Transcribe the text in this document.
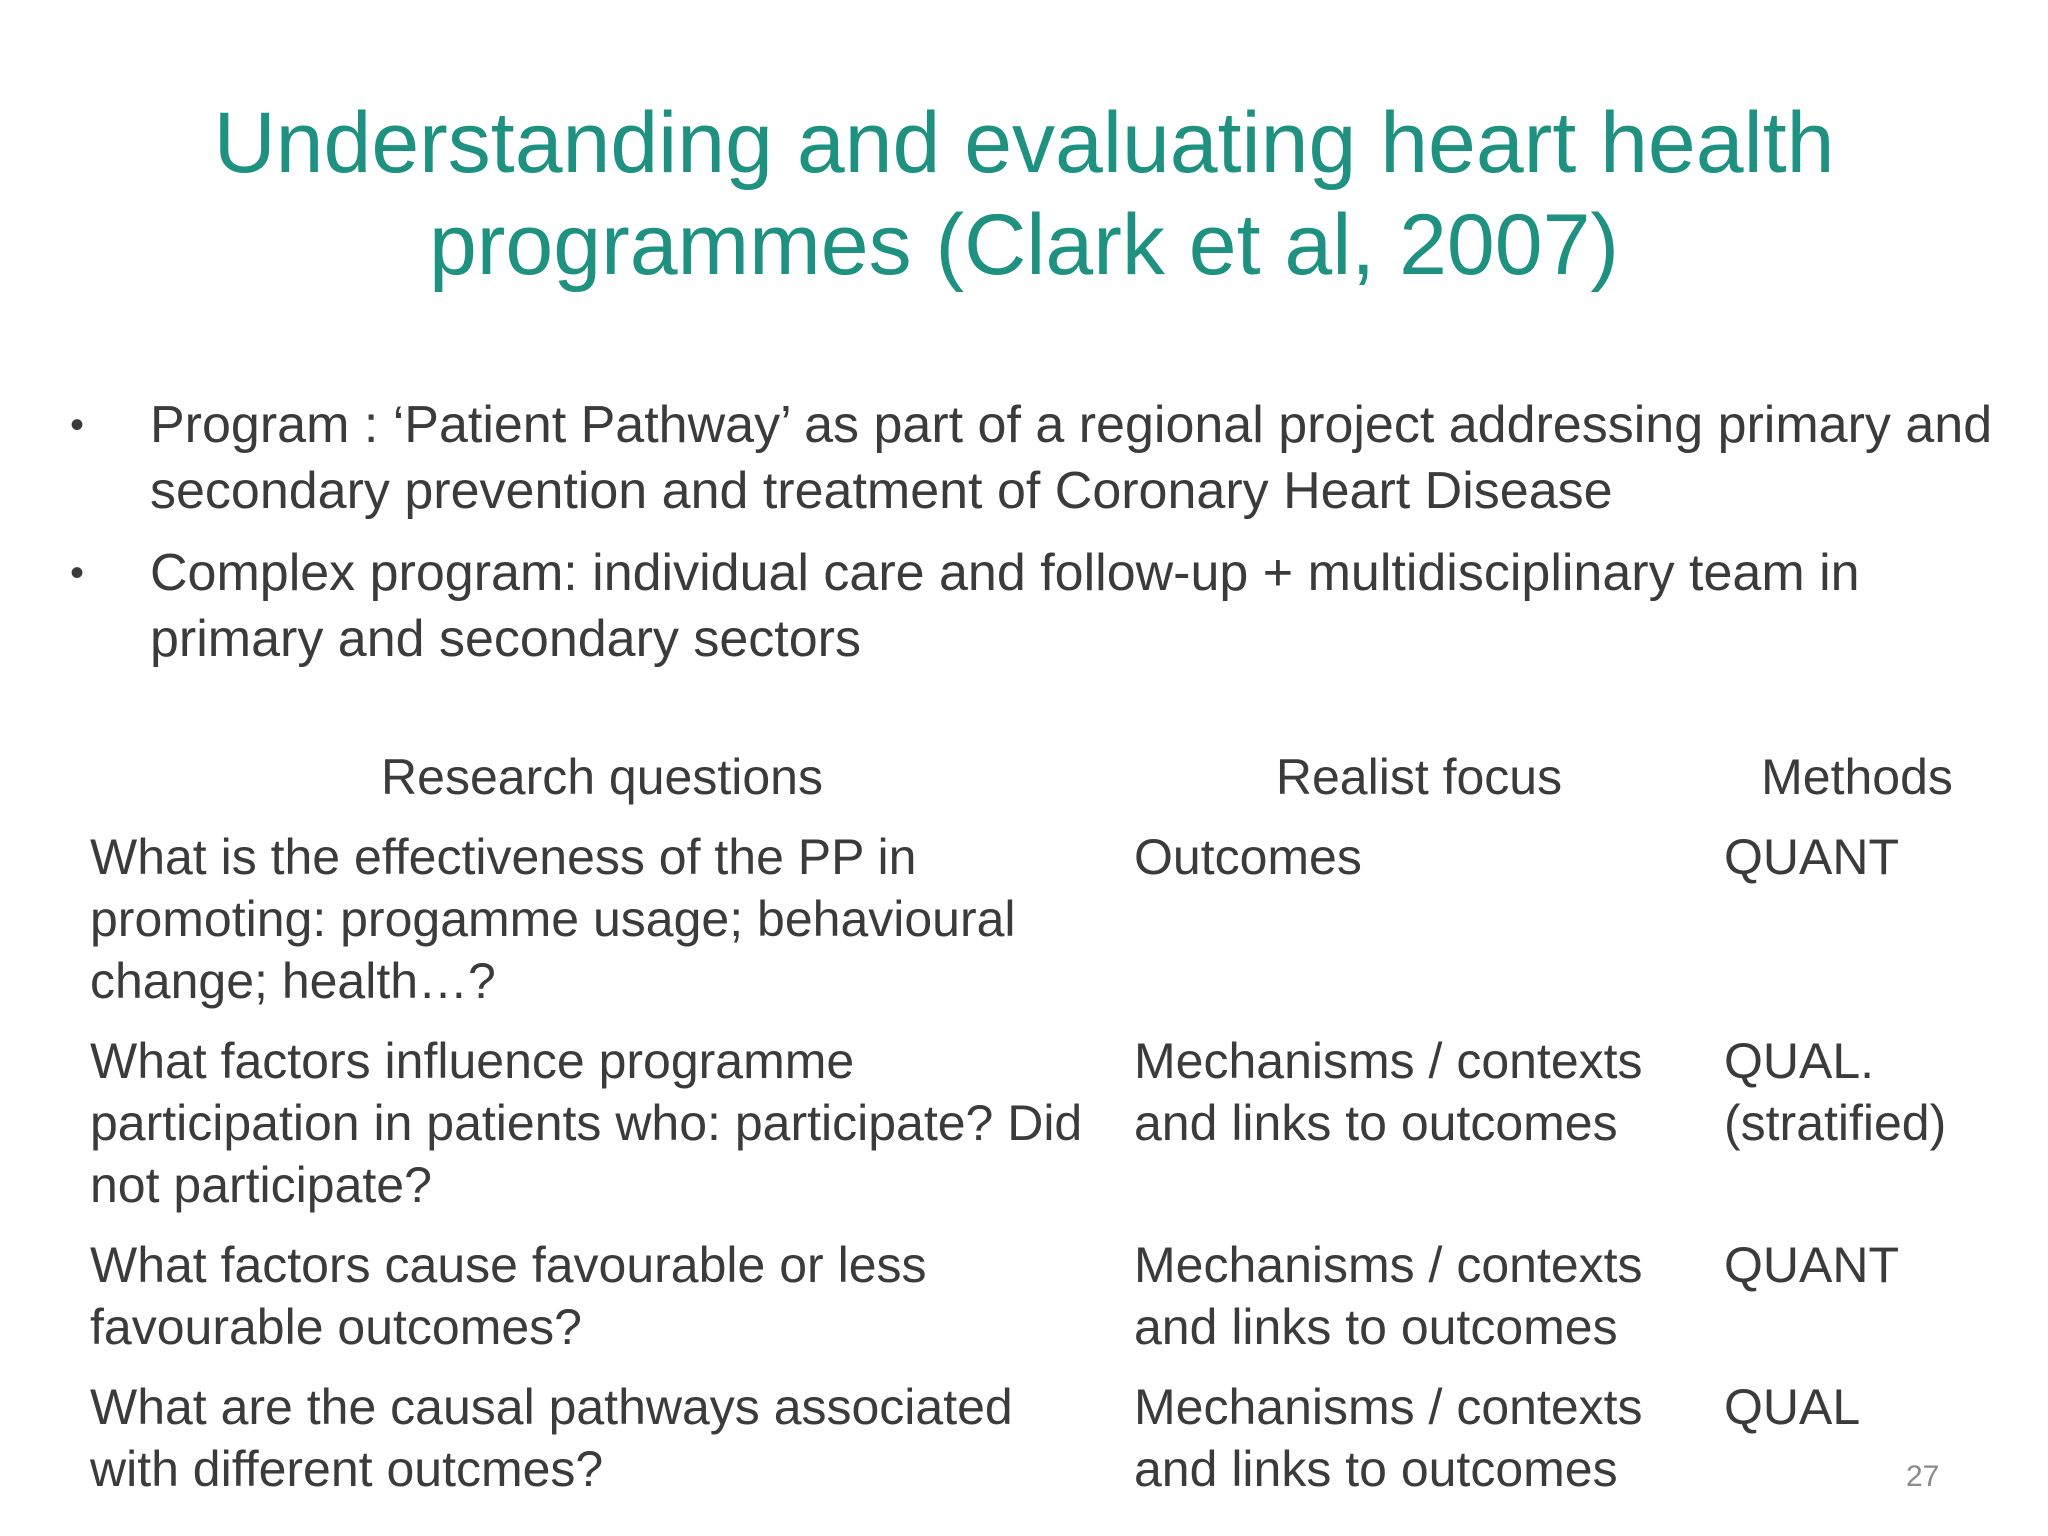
Understanding and evaluating heart health
programmes (Clark et al, 2007)
•	Program : ‘Patient Pathway’ as part of a regional project addressing primary and secondary prevention and treatment of Coronary Heart Disease
•	Complex program: individual care and follow-up + multidisciplinary team in primary and secondary sectors
Research questions	Realist focus	Methods
What is the effectiveness of the PP in promoting: progamme usage; behavioural change; health…?	Outcomes	QUANT
What factors influence programme participation in patients who: participate? Did not participate?	Mechanisms / contexts and links to outcomes	QUAL. (stratified)
What factors cause favourable or less favourable outcomes?	Mechanisms / contexts and links to outcomes	QUANT
What are the causal pathways associated with different outcmes?	Mechanisms / contexts and links to outcomes	QUAL
27
